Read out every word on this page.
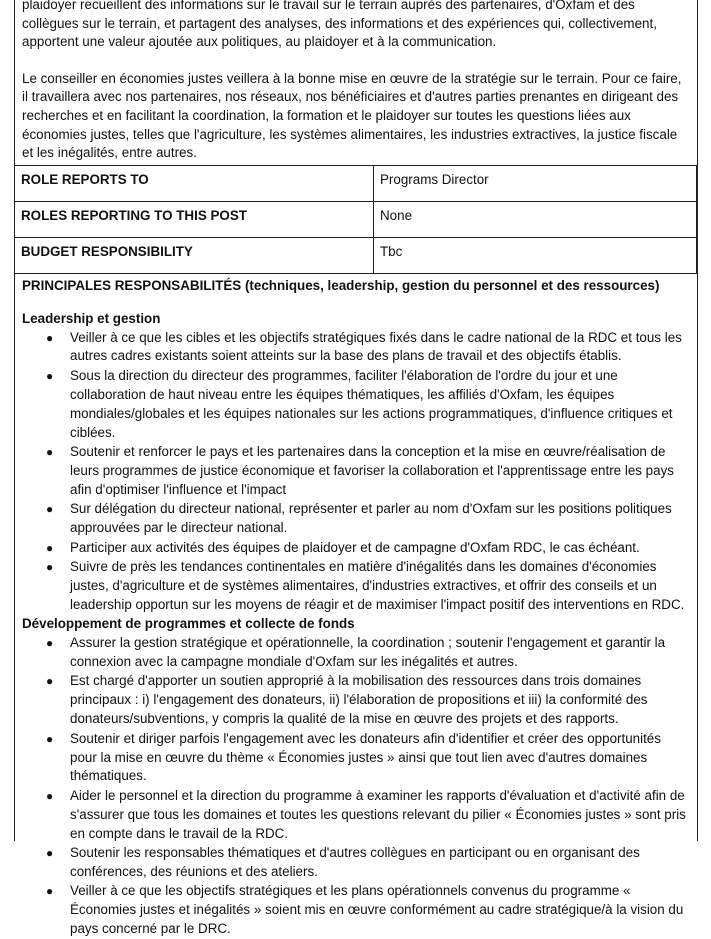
plaidoyer recueillent des informations sur le travail sur le terrain auprès des partenaires, d'Oxfam et des collègues sur le terrain, et partagent des analyses, des informations et des expériences qui, collectivement, apportent une valeur ajoutée aux politiques, au plaidoyer et à la communication.

Le conseiller en économies justes veillera à la bonne mise en œuvre de la stratégie sur le terrain. Pour ce faire, il travaillera avec nos partenaires, nos réseaux, nos bénéficiaires et d'autres parties prenantes en dirigeant des recherches et en facilitant la coordination, la formation et le plaidoyer sur toutes les questions liées aux économies justes, telles que l'agriculture, les systèmes alimentaires, les industries extractives, la justice fiscale et les inégalités, entre autres.

ROLE REPORTS TO	Programs Director
ROLES REPORTING TO THIS POST	None
BUDGET RESPONSIBILITY	Tbc
PRINCIPALES RESPONSABILITÉS (techniques, leadership, gestion du personnel et des ressources)
Leadership et gestion
● Veiller à ce que les cibles et les objectifs stratégiques fixés dans le cadre national de la RDC et tous les autres cadres existants soient atteints sur la base des plans de travail et des objectifs établis.
● Sous la direction du directeur des programmes, faciliter l'élaboration de l'ordre du jour et une collaboration de haut niveau entre les équipes thématiques, les affiliés d'Oxfam, les équipes mondiales/globales et les équipes nationales sur les actions programmatiques, d'influence critiques et ciblées.
● Soutenir et renforcer le pays et les partenaires dans la conception et la mise en œuvre/réalisation de leurs programmes de justice économique et favoriser la collaboration et l'apprentissage entre les pays afin d'optimiser l'influence et l'impact
● Sur délégation du directeur national, représenter et parler au nom d'Oxfam sur les positions politiques approuvées par le directeur national.
● Participer aux activités des équipes de plaidoyer et de campagne d'Oxfam RDC, le cas échéant.
● Suivre de près les tendances continentales en matière d'inégalités dans les domaines d'économies justes, d'agriculture et de systèmes alimentaires, d'industries extractives, et offrir des conseils et un leadership opportun sur les moyens de réagir et de maximiser l'impact positif des interventions en RDC.
Développement de programmes et collecte de fonds
● Assurer la gestion stratégique et opérationnelle, la coordination ; soutenir l'engagement et garantir la connexion avec la campagne mondiale d'Oxfam sur les inégalités et autres.
● Est chargé d'apporter un soutien approprié à la mobilisation des ressources dans trois domaines principaux : i) l'engagement des donateurs, ii) l'élaboration de propositions et iii) la conformité des donateurs/subventions, y compris la qualité de la mise en œuvre des projets et des rapports.
● Soutenir et diriger parfois l'engagement avec les donateurs afin d'identifier et créer des opportunités pour la mise en œuvre du thème « Économies justes » ainsi que tout lien avec d'autres domaines thématiques.
● Aider le personnel et la direction du programme à examiner les rapports d'évaluation et d'activité afin de s'assurer que tous les domaines et toutes les questions relevant du pilier « Économies justes » sont pris en compte dans le travail de la RDC.
● Soutenir les responsables thématiques et d'autres collègues en participant ou en organisant des conférences, des réunions et des ateliers.
● Veiller à ce que les objectifs stratégiques et les plans opérationnels convenus du programme « Économies justes et inégalités » soient mis en œuvre conformément au cadre stratégique/à la vision du pays concerné par le DRC.
